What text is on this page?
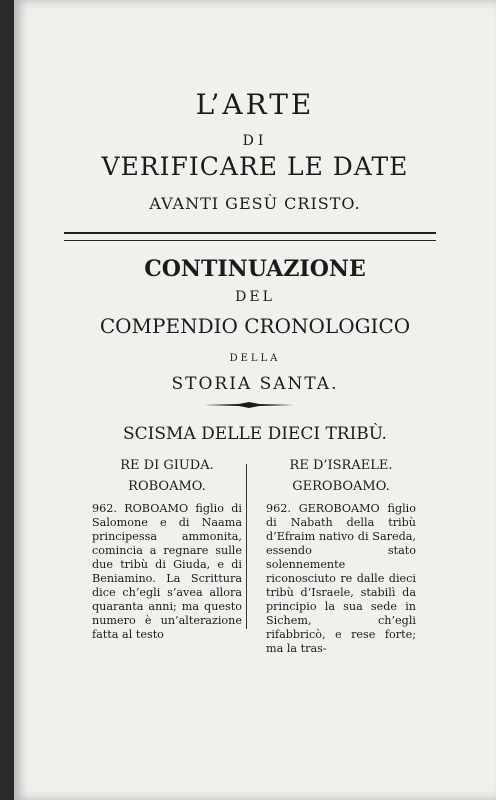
L’ARTE
DI
VERIFICARE LE DATE
AVANTI GESÙ CRISTO.
CONTINUAZIONE
DEL
COMPENDIO CRONOLOGICO
DELLA
STORIA SANTA.
SCISMA DELLE DIECI TRIBÙ.
RE DI GIUDA.
ROBOAMO.
962. ROBOAMO figlio di Salomone e di Naama principessa ammonita, comincia a regnare sulle due tribù di Giuda, e di Beniamino. La Scrittura dice ch’egli s’avea allora quaranta anni; ma questo numero è un’alterazione fatta al testo
RE D’ISRAELE.
GEROBOAMO.
962. GEROBOAMO figlio di Nabath della tribù d’Efraim nativo di Sareda, essendo stato solennemente riconosciuto re dalle dieci tribù d’Israele, stabilì da principio la sua sede in Sichem, ch’egli rifabbricò, e rese forte; ma la tras-
